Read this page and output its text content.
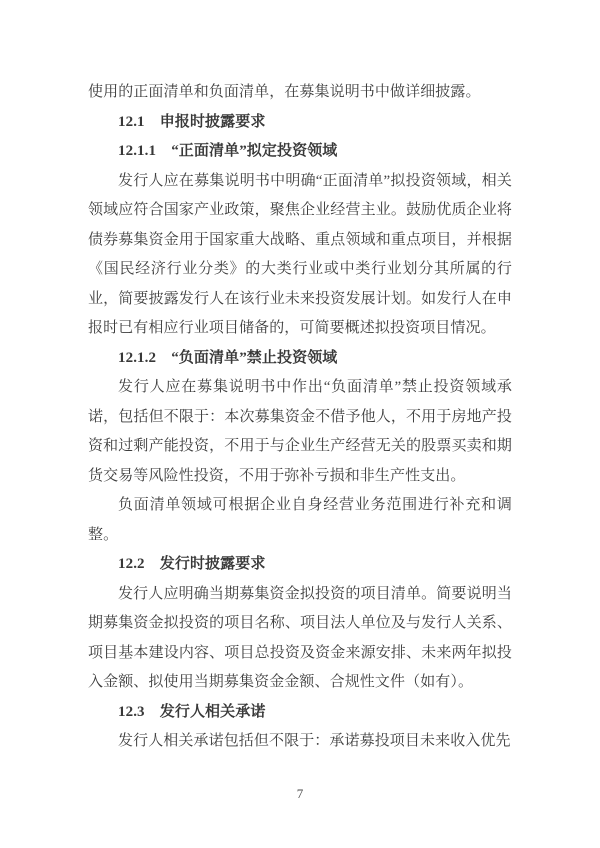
使用的正面清单和负面清单，在募集说明书中做详细披露。

12.1　申报时披露要求

12.1.1　“正面清单”拟定投资领域

发行人应在募集说明书中明确“正面清单”拟投资领域，相关领域应符合国家产业政策，聚焦企业经营主业。鼓励优质企业将债券募集资金用于国家重大战略、重点领域和重点项目，并根据《国民经济行业分类》的大类行业或中类行业划分其所属的行业，简要披露发行人在该行业未来投资发展计划。如发行人在申报时已有相应行业项目储备的，可简要概述拟投资项目情况。

12.1.2　“负面清单”禁止投资领域

发行人应在募集说明书中作出“负面清单”禁止投资领域承诺，包括但不限于：本次募集资金不借予他人，不用于房地产投资和过剩产能投资，不用于与企业生产经营无关的股票买卖和期货交易等风险性投资，不用于弥补亏损和非生产性支出。

负面清单领域可根据企业自身经营业务范围进行补充和调整。

12.2　发行时披露要求

发行人应明确当期募集资金拟投资的项目清单。简要说明当期募集资金拟投资的项目名称、项目法人单位及与发行人关系、项目基本建设内容、项目总投资及资金来源安排、未来两年拟投入金额、拟使用当期募集资金金额、合规性文件（如有）。

12.3　发行人相关承诺

发行人相关承诺包括但不限于：承诺募投项目未来收入优先

7
